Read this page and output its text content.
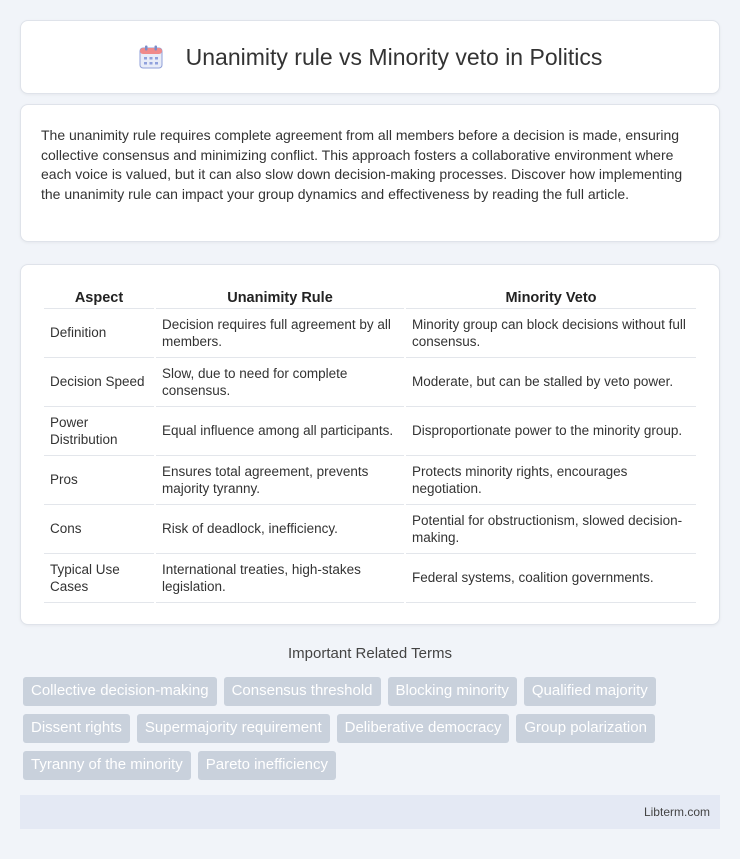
Unanimity rule vs Minority veto in Politics

The unanimity rule requires complete agreement from all members before a decision is made, ensuring collective consensus and minimizing conflict. This approach fosters a collaborative environment where each voice is valued, but it can also slow down decision-making processes. Discover how implementing the unanimity rule can impact your group dynamics and effectiveness by reading the full article.

Aspect	Unanimity Rule	Minority Veto
Definition	Decision requires full agreement by all members.	Minority group can block decisions without full consensus.
Decision Speed	Slow, due to need for complete consensus.	Moderate, but can be stalled by veto power.
Power Distribution	Equal influence among all participants.	Disproportionate power to the minority group.
Pros	Ensures total agreement, prevents majority tyranny.	Protects minority rights, encourages negotiation.
Cons	Risk of deadlock, inefficiency.	Potential for obstructionism, slowed decision-making.
Typical Use Cases	International treaties, high-stakes legislation.	Federal systems, coalition governments.
Important Related Terms
Collective decision-making	Consensus threshold	Blocking minority	Qualified majority
Dissent rights	Supermajority requirement	Deliberative democracy	Group polarization
Tyranny of the minority	Pareto inefficiency
Libterm.com
